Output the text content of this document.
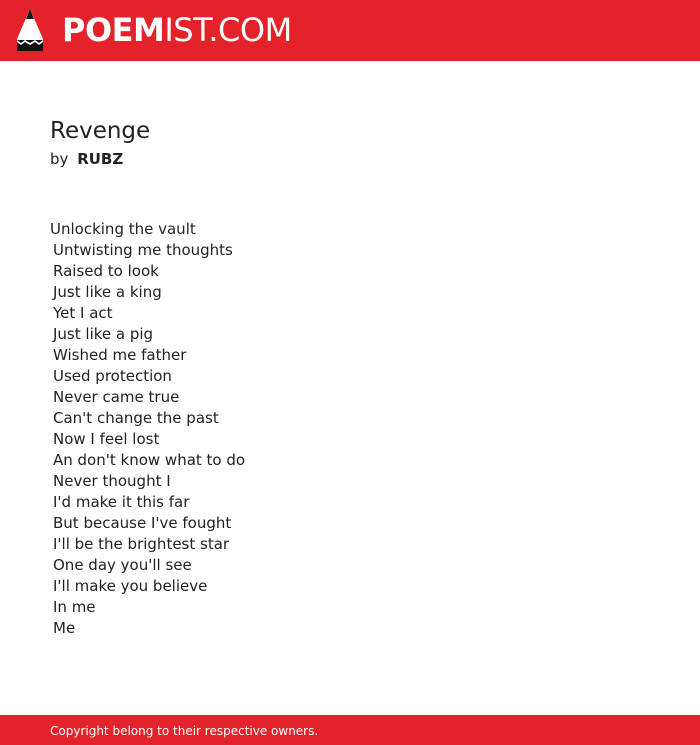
POEMIST.COM
Revenge
by RUBZ
Unlocking the vault
Untwisting me thoughts
Raised to look
Just like a king
Yet I act
Just like a pig
Wished me father
Used protection
Never came true
Can't change the past
Now I feel lost
An don't know what to do
Never thought I
I'd make it this far
But because I've fought
I'll be the brightest star
One day you'll see
I'll make you believe
In me
Me
Copyright belong to their respective owners.
